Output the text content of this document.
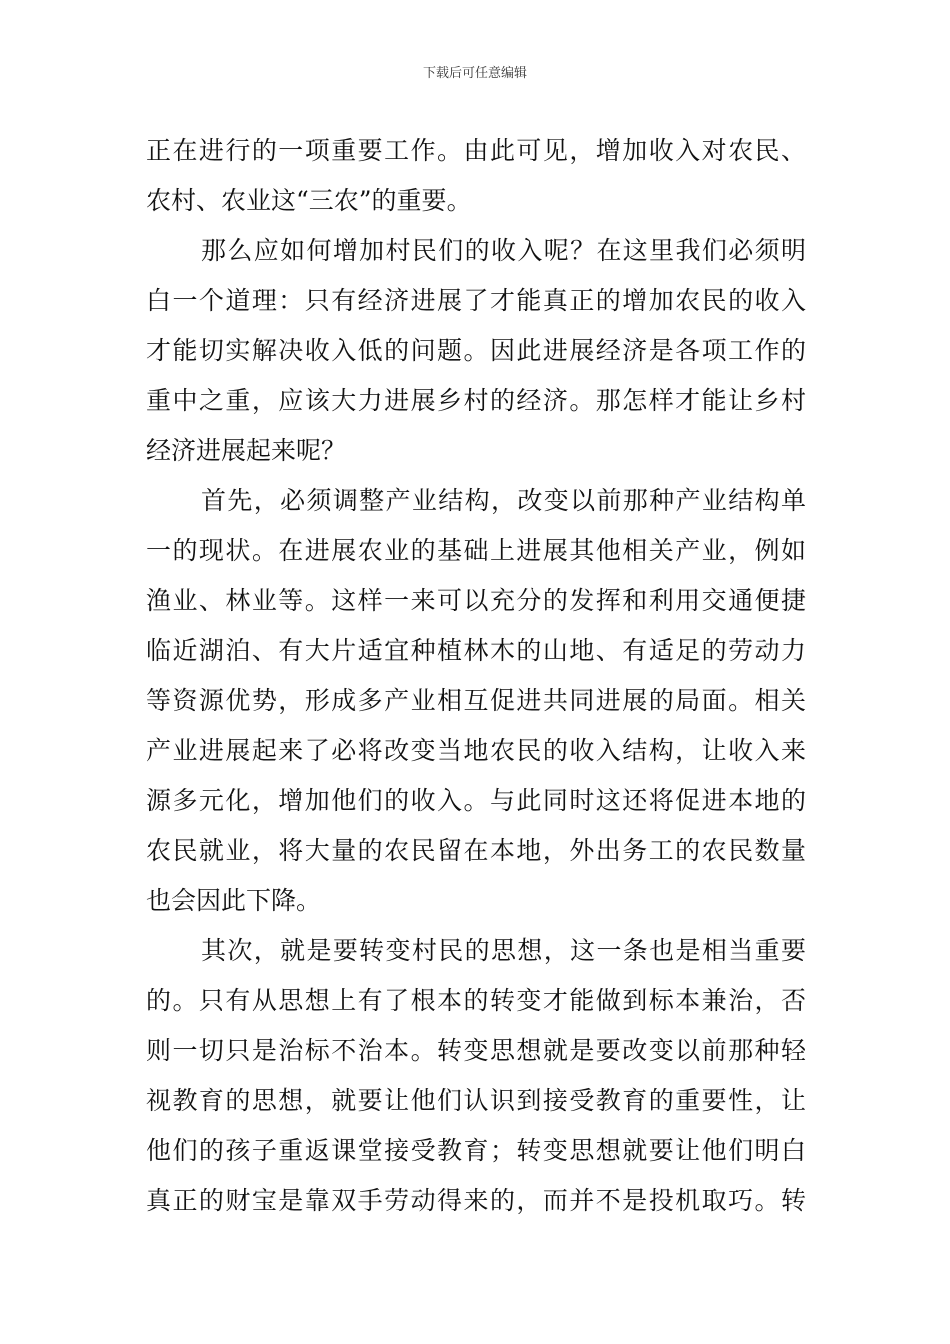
下载后可任意编辑
正在进行的一项重要工作。由此可见，增加收入对农民、
农村、农业这“三农”的重要。
那么应如何增加村民们的收入呢？在这里我们必须明
白一个道理：只有经济进展了才能真正的增加农民的收入
才能切实解决收入低的问题。因此进展经济是各项工作的
重中之重，应该大力进展乡村的经济。那怎样才能让乡村
经济进展起来呢？
首先，必须调整产业结构，改变以前那种产业结构单
一的现状。在进展农业的基础上进展其他相关产业，例如
渔业、林业等。这样一来可以充分的发挥和利用交通便捷
临近湖泊、有大片适宜种植林木的山地、有适足的劳动力
等资源优势，形成多产业相互促进共同进展的局面。相关
产业进展起来了必将改变当地农民的收入结构，让收入来
源多元化，增加他们的收入。与此同时这还将促进本地的
农民就业，将大量的农民留在本地，外出务工的农民数量
也会因此下降。
其次，就是要转变村民的思想，这一条也是相当重要
的。只有从思想上有了根本的转变才能做到标本兼治，否
则一切只是治标不治本。转变思想就是要改变以前那种轻
视教育的思想，就要让他们认识到接受教育的重要性，让
他们的孩子重返课堂接受教育；转变思想就要让他们明白
真正的财宝是靠双手劳动得来的，而并不是投机取巧。转
